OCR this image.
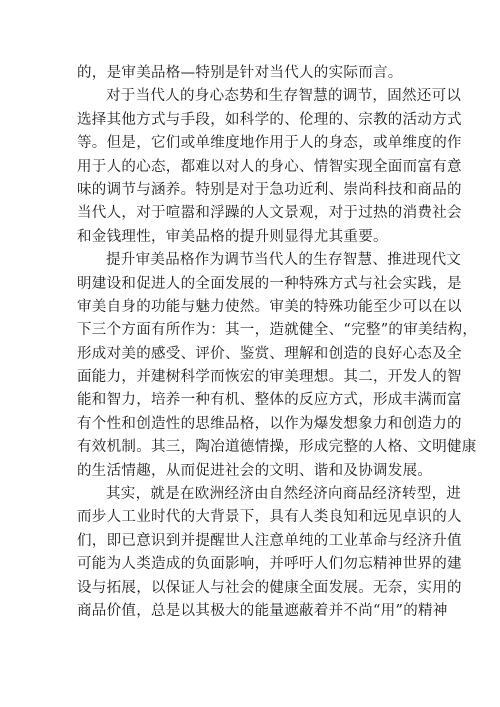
的，是审美品格—特别是针对当代人的实际而言。
对于当代人的身心态势和生存智慧的调节，固然还可以
选择其他方式与手段，如科学的、伦理的、宗教的活动方式
等。但是，它们或单维度地作用于人的身态，或单维度的作
用于人的心态，都难以对人的身心、情智实现全面而富有意
味的调节与涵养。特别是对于急功近利、崇尚科技和商品的
当代人，对于喧嚣和浮躁的人文景观，对于过热的消费社会
和金钱理性，审美品格的提升则显得尤其重要。
提升审美品格作为调节当代人的生存智慧、推进现代文
明建设和促进人的全面发展的一种特殊方式与社会实践，是
审美自身的功能与魅力使然。审美的特殊功能至少可以在以
下三个方面有所作为：其一，造就健全、“完整”的审美结构，
形成对美的感受、评价、鉴赏、理解和创造的良好心态及全
面能力，并建树科学而恢宏的审美理想。其二，开发人的智
能和智力，培养一种有机、整体的反应方式，形成丰满而富
有个性和创造性的思维品格，以作为爆发想象力和创造力的
有效机制。其三，陶冶道德情操，形成完整的人格、文明健康
的生活情趣，从而促进社会的文明、谐和及协调发展。
其实，就是在欧洲经济由自然经济向商品经济转型，进
而步人工业时代的大背景下，具有人类良知和远见卓识的人
们，即已意识到并提醒世人注意单纯的工业革命与经济升值
可能为人类造成的负面影响，并呼吁人们勿忘精神世界的建
设与拓展，以保证人与社会的健康全面发展。无奈，实用的
商品价值，总是以其极大的能量遮蔽着并不尚“用”的精神
